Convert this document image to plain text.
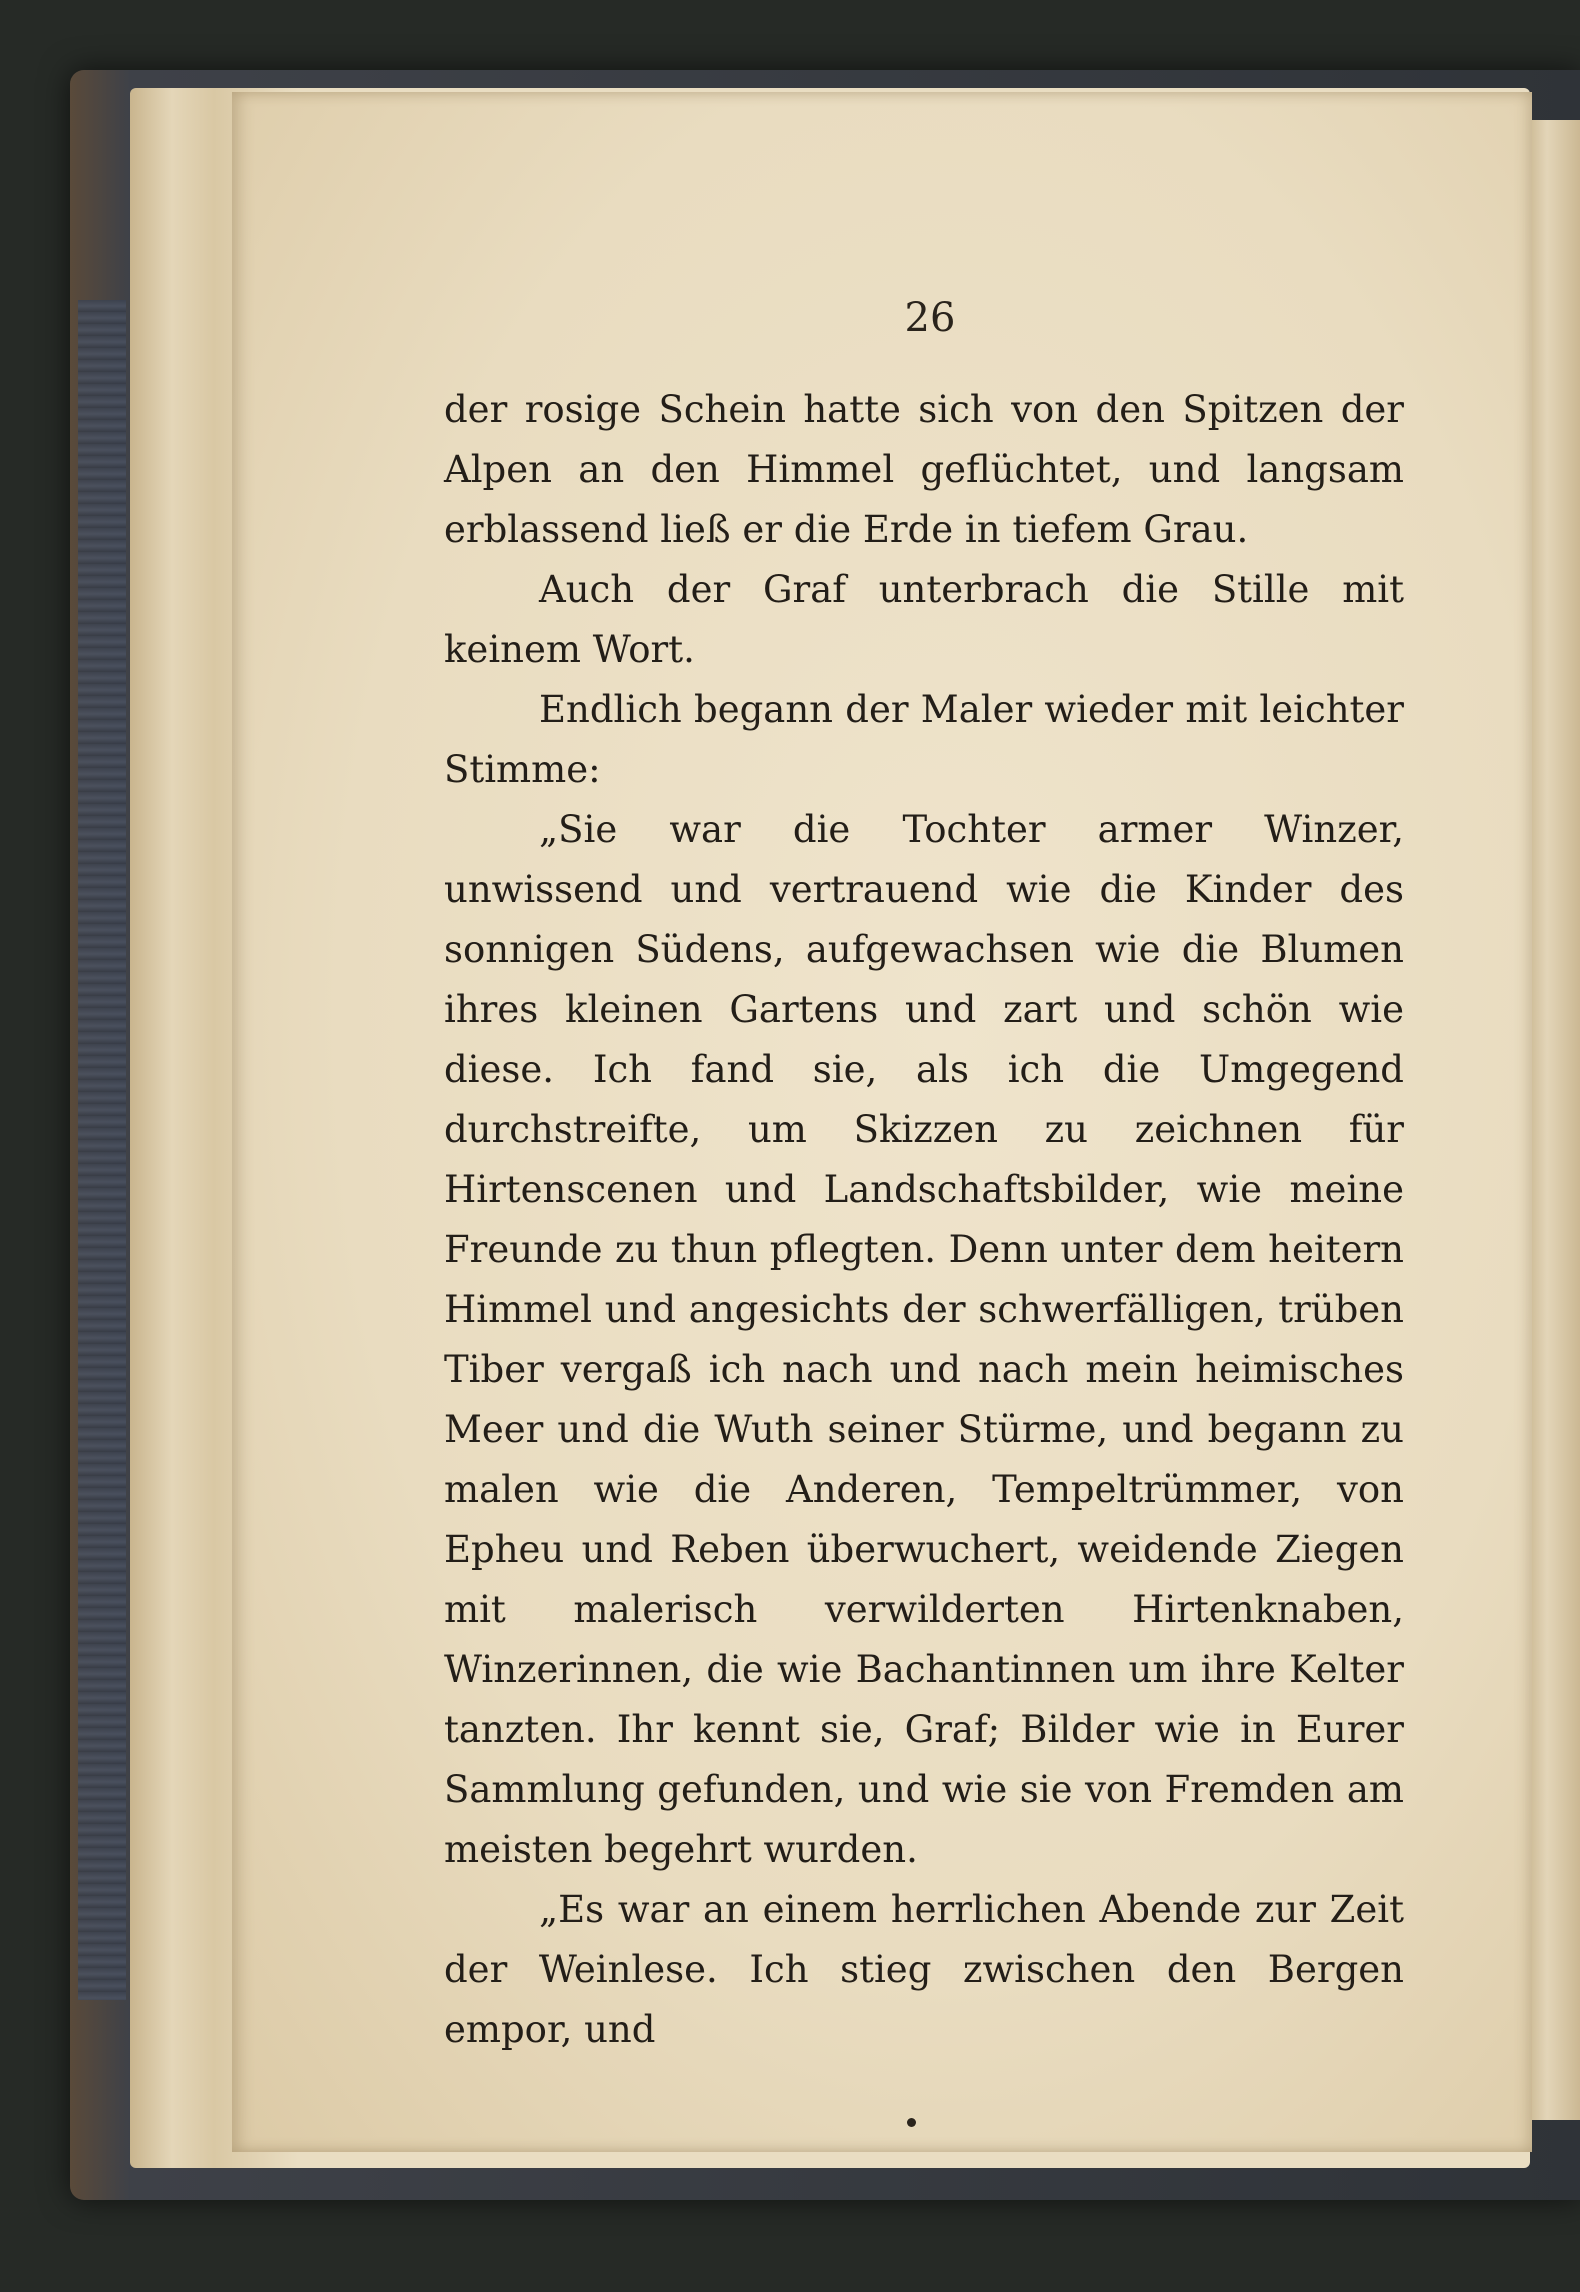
26

der rosige Schein hatte sich von den Spitzen der Alpen an den Himmel geflüchtet, und langsam erblassend ließ er die Erde in tiefem Grau.

Auch der Graf unterbrach die Stille mit keinem Wort.

Endlich begann der Maler wieder mit leichter Stimme:

„Sie war die Tochter armer Winzer, unwissend und vertrauend wie die Kinder des sonnigen Südens, aufgewachsen wie die Blumen ihres kleinen Gartens und zart und schön wie diese. Ich fand sie, als ich die Umgegend durchstreifte, um Skizzen zu zeichnen für Hirtenscenen und Landschaftsbilder, wie meine Freunde zu thun pflegten. Denn unter dem heitern Himmel und angesichts der schwerfälligen, trüben Tiber vergaß ich nach und nach mein heimisches Meer und die Wuth seiner Stürme, und begann zu malen wie die Anderen, Tempeltrümmer, von Epheu und Reben überwuchert, weidende Ziegen mit malerisch verwilderten Hirtenknaben, Winzerinnen, die wie Bachantinnen um ihre Kelter tanzten. Ihr kennt sie, Graf; Bilder wie in Eurer Sammlung gefunden, und wie sie von Fremden am meisten begehrt wurden.

„Es war an einem herrlichen Abende zur Zeit der Weinlese. Ich stieg zwischen den Bergen empor, und
